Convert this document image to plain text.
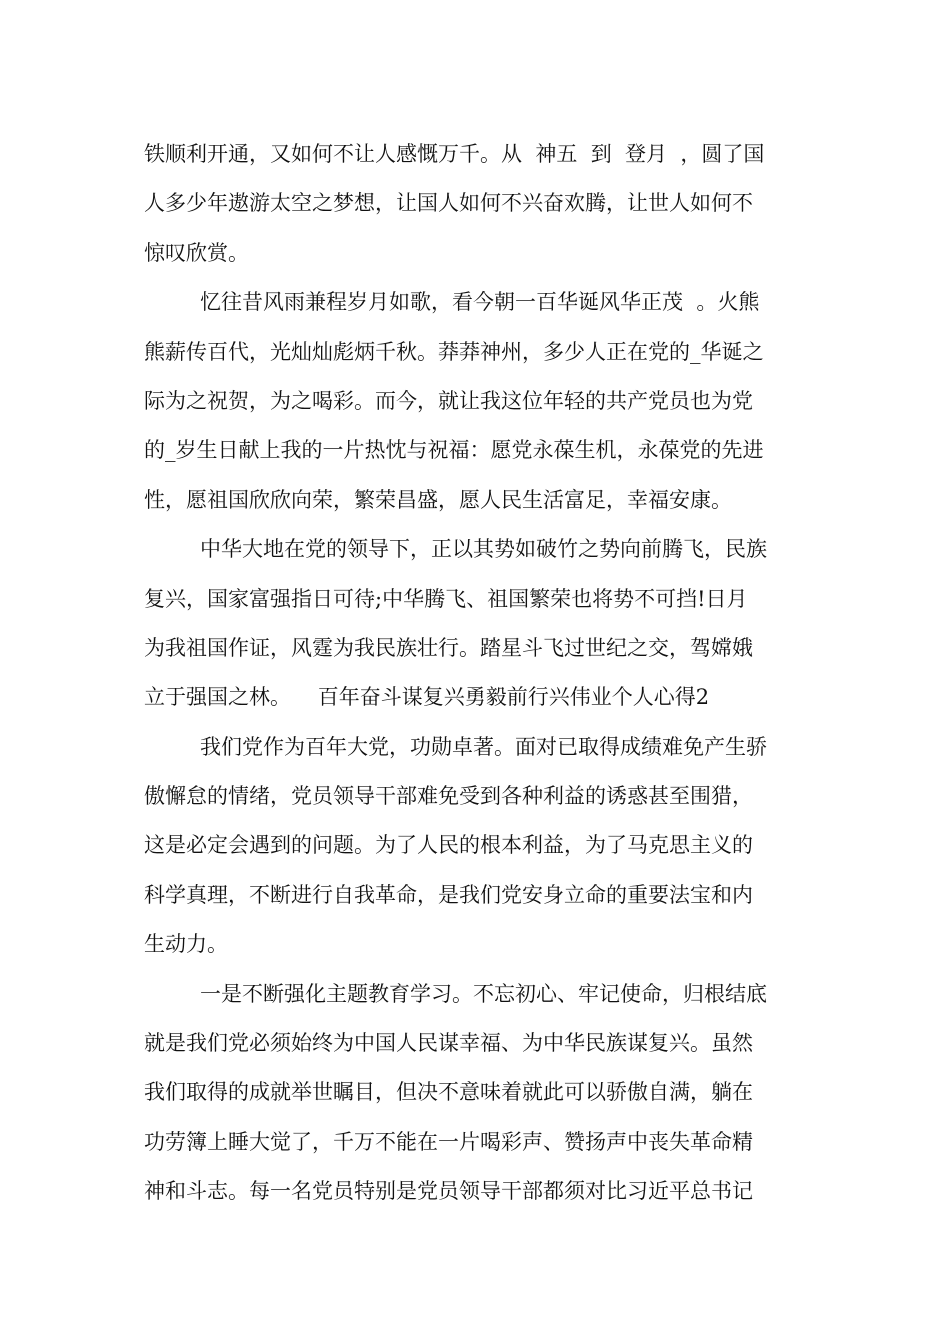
铁顺利开通，又如何不让人感慨万千。从  神五  到  登月  ，圆了国
人多少年遨游太空之梦想，让国人如何不兴奋欢腾，让世人如何不
惊叹欣赏。
忆往昔风雨兼程岁月如歌，看今朝一百华诞风华正茂  。火熊
熊薪传百代，光灿灿彪炳千秋。莽莽神州，多少人正在党的_华诞之
际为之祝贺，为之喝彩。而今，就让我这位年轻的共产党员也为党
的_岁生日献上我的一片热忱与祝福：愿党永葆生机，永葆党的先进
性，愿祖国欣欣向荣，繁荣昌盛，愿人民生活富足，幸福安康。
中华大地在党的领导下，正以其势如破竹之势向前腾飞，民族
复兴，国家富强指日可待;中华腾飞、祖国繁荣也将势不可挡!日月
为我祖国作证，风霆为我民族壮行。踏星斗飞过世纪之交，驾嫦娥
立于强国之林。    百年奋斗谋复兴勇毅前行兴伟业个人心得2
我们党作为百年大党，功勋卓著。面对已取得成绩难免产生骄
傲懈怠的情绪，党员领导干部难免受到各种利益的诱惑甚至围猎，
这是必定会遇到的问题。为了人民的根本利益，为了马克思主义的
科学真理，不断进行自我革命，是我们党安身立命的重要法宝和内
生动力。
一是不断强化主题教育学习。不忘初心、牢记使命，归根结底
就是我们党必须始终为中国人民谋幸福、为中华民族谋复兴。虽然
我们取得的成就举世瞩目，但决不意味着就此可以骄傲自满，躺在
功劳簿上睡大觉了，千万不能在一片喝彩声、赞扬声中丧失革命精
神和斗志。每一名党员特别是党员领导干部都须对比习近平总书记
